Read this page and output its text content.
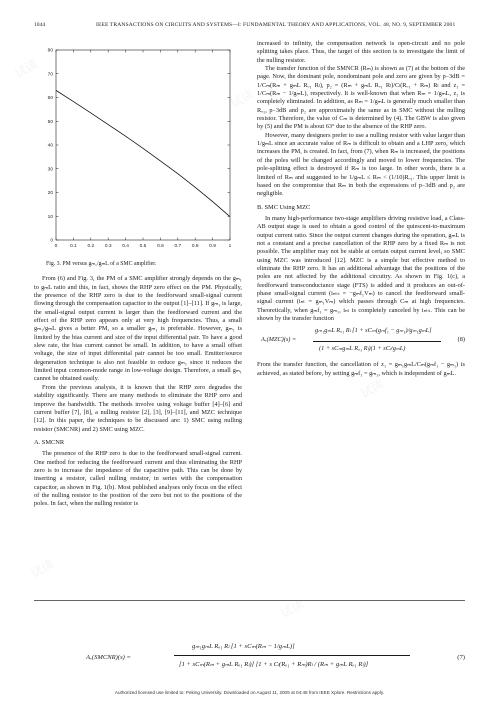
1044	IEEE TRANSACTIONS ON CIRCUITS AND SYSTEMS—I: FUNDAMENTAL THEORY AND APPLICATIONS, VOL. 48, NO. 9, SEPTEMBER 2001
0	0.1 0.2 0.3 0.4 0.5 0.6 0.7 0.8 0.9	1
0
10
20
30
40
50
60
70
80
Fig. 3. PM versus gₘ₁/gₘL of a SMC amplifier.

From (6) and Fig. 3, the PM of a SMC amplifier strongly depends on the gₘ₁ to gₘL ratio and this, in fact, shows the RHP zero effect on the PM. Physically, the presence of the RHP zero is due to the feedforward small-signal current flowing through the compensation capacitor to the output [1]–[11]. If gₘ₁ is large, the small-signal output current is larger than the feedforward current and the effect of the RHP zero appears only at very high frequencies. Thus, a small gₘ₁/gₘL gives a better PM, so a smaller gₘ₁ is preferable. However, gₘ₁ is limited by the bias current and size of the input differential pair. To have a good slew rate, the bias current cannot be small. In addition, to have a small offset voltage, the size of input differential pair cannot be too small. Emitter/source degeneration technique is also not feasible to reduce gₘ₁ since it reduces the limited input common-mode range in low-voltage design. Therefore, a small gₘ₁ cannot be obtained easily.

From the previous analysis, it is known that the RHP zero degrades the stability significantly. There are many methods to eliminate the RHP zero and improve the bandwidth. The methods involve using voltage buffer [4]–[6] and current buffer [7], [8], a nulling resistor [2], [3], [9]–[11], and MZC technique [12]. In this paper, the techniques to be discussed are: 1) SMC using nulling resistor (SMCNR) and 2) SMC using MZC.

A. SMCNR

The presence of the RHP zero is due to the feedforward small-signal current. One method for reducing the feedforward current and thus eliminating the RHP zero is to increase the impedance of the capacitive path. This can be done by inserting a resistor, called nulling resistor, in series with the compensation capacitor, as shown in Fig. 1(b). Most published analyses only focus on the effect of the nulling resistor to the position of the zero but not to the positions of the poles. In fact, when the nulling resistor is

increased to infinity, the compensation network is open-circuit and no pole splitting takes place. Thus, the target of this section is to investigate the limit of the nulling resistor.

The transfer function of the SMNCR (Rₘ) is shown as (7) at the bottom of the page. Now, the dominant pole, nondominant pole and zero are given by p₋3dB = 1/Cₘ(Rₘ + gₘL Rₒ₁ Rₗ), p₂ = (Rₘ + gₘL Rₒ₁ Rₗ)/Cₗ(Rₒ₁ + Rₘ) Rₗ and z₁ = 1/Cₘ(Rₘ − 1/gₘL), respectively. It is well-known that when Rₘ = 1/gₘL, z₁ is completely eliminated. In addition, as Rₘ = 1/gₘL is generally much smaller than Rₒ₁, p₋3dB and p₂ are approximately the same as in SMC without the nulling resistor. Therefore, the value of Cₘ is determined by (4). The GBW is also given by (5) and the PM is about 63° due to the absence of the RHP zero.

However, many designers prefer to use a nulling resistor with value larger than 1/gₘL since an accurate value of Rₘ is difficult to obtain and a LHP zero, which increases the PM, is created. In fact, from (7), when Rₘ is increased, the positions of the poles will be changed accordingly and moved to lower frequencies. The pole-splitting effect is destroyed if Rₘ is too large. In other words, there is a limited of Rₘ and suggested to be 1/gₘL ≤ Rₘ < (1/10)Rₒ₁. This upper limit is based on the compromise that Rₘ in both the expressions of p₋3dB and p₂ are negligible.

B. SMC Using MZC

In many high-performance two-stage amplifiers driving resistive load, a Class-AB output stage is used to obtain a good control of the quiescent-to-maximum output current ratio. Since the output current changes during the operation, gₘL is not a constant and a precise cancellation of the RHP zero by a fixed Rₘ is not possible. The amplifier may not be stable at certain output current level, so SMC using MZC was introduced [12]. MZC is a simple but effective method to eliminate the RHP zero. It has an additional advantage that the positions of the poles are not affected by the additional circuitry. As shown in Fig. 1(c), a feedforward transconductance stage (FTS) is added and it produces an out-of-phase small-signal current (iₙₜₛ = −gₘf₁Vₘ) to cancel the feedforward small-signal current (iₙₜ = gₘ₁Vₘ) which passes through Cₘ at high frequencies. Theoretically, when gₘf₁ = gₘ₁, iₙₜ is completely canceled by iₙₜₛ. This can be shown by the transfer function

Aᵥ(MZC)(s) =
gₘ₁gₘL Rₒ₁ Rₗ [1 + sCₘ(gₘf₁ − gₘ₁)/gₘ₁gₘL]
(1 + sCₘgₘL Rₒ₁ Rₗ)(1 + sCₗ/gₘL)
(8)

From the transfer function, the cancellation of z₁ = gₘ₁gₘL/Cₘ(gₘf₁ − gₘ₁) is achieved, as stated before, by setting gₘf₁ = gₘ₁, which is independent of gₘL.

Aᵥ(SMCNR)(s) =
gₘ₁gₘL Rₒ₁ Rₗ [1 + sCₘ(Rₘ − 1/gₘL)]
[1 + sCₘ(Rₘ + gₘL Rₒ₁ Rₗ)] [1 + s Cₗ(Rₒ₁ + Rₘ)Rₗ / (Rₘ + gₘL Rₒ₁ Rₗ)]
(7)
Authorized licensed use limited to: Peking University. Downloaded on August 11, 2009 at 04:48 from IEEE Xplore. Restrictions apply.
试读
试读
试读
试读
试读
试读
试读
